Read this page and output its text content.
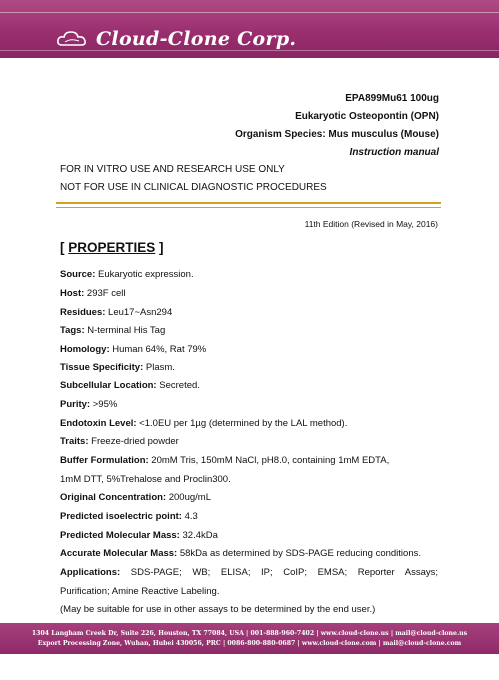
Cloud-Clone Corp.
EPA899Mu61 100ug
Eukaryotic Osteopontin (OPN)
Organism Species: Mus musculus (Mouse)
Instruction manual
FOR IN VITRO USE AND RESEARCH USE ONLY
NOT FOR USE IN CLINICAL DIAGNOSTIC PROCEDURES
11th Edition (Revised in May, 2016)
[ PROPERTIES ]
Source: Eukaryotic expression.
Host: 293F cell
Residues: Leu17~Asn294
Tags: N-terminal His Tag
Homology: Human 64%, Rat 79%
Tissue Specificity: Plasm.
Subcellular Location: Secreted.
Purity: >95%
Endotoxin Level: <1.0EU per 1µg (determined by the LAL method).
Traits: Freeze-dried powder
Buffer Formulation: 20mM Tris, 150mM NaCl, pH8.0, containing 1mM EDTA,
1mM DTT, 5%Trehalose and Proclin300.
Original Concentration: 200ug/mL
Predicted isoelectric point: 4.3
Predicted Molecular Mass: 32.4kDa
Accurate Molecular Mass: 58kDa as determined by SDS-PAGE reducing conditions.
Applications: SDS-PAGE; WB; ELISA; IP; CoIP; EMSA; Reporter Assays;
Purification; Amine Reactive Labeling.
(May be suitable for use in other assays to be determined by the end user.)
1304 Langham Creek Dr, Suite 226, Houston, TX 77084, USA | 001-888-960-7402 | www.cloud-clone.us | mail@cloud-clone.us
Export Processing Zone, Wuhan, Hubei 430056, PRC | 0086-800-880-0687 | www.cloud-clone.com | mail@cloud-clone.com
